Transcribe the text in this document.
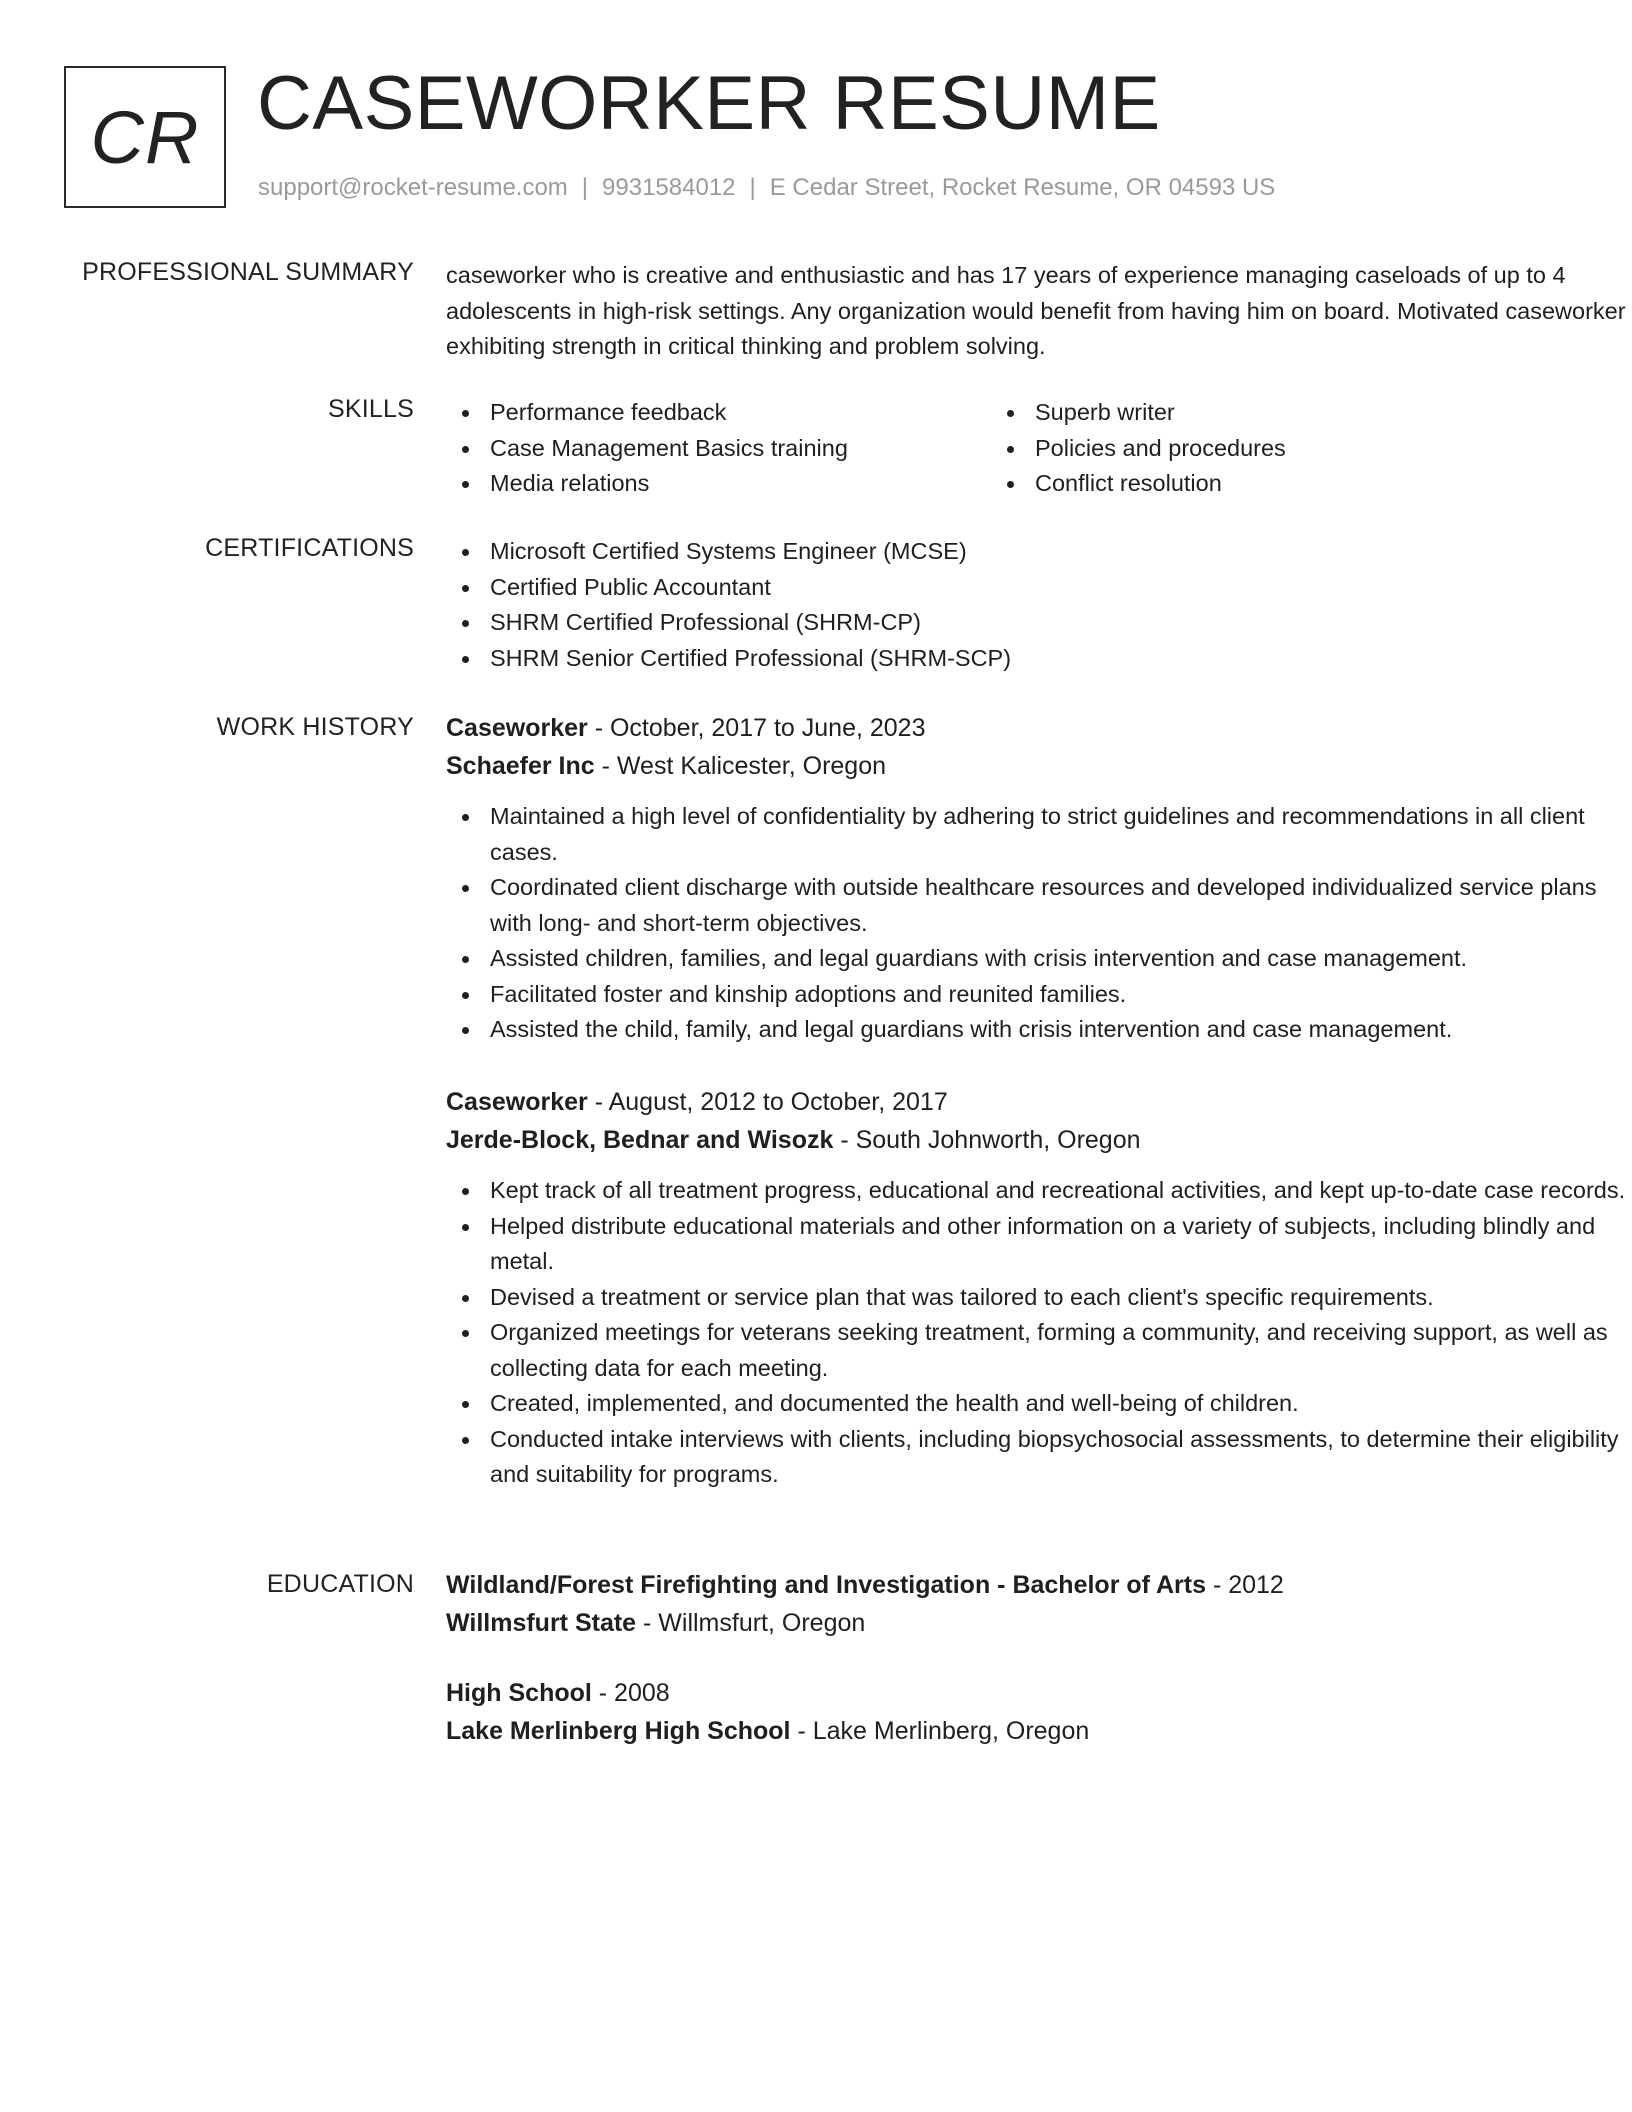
CR CASEWORKER RESUME
support@rocket-resume.com | 9931584012 | E Cedar Street, Rocket Resume, OR 04593 US
PROFESSIONAL SUMMARY caseworker who is creative and enthusiastic and has 17 years of experience managing caseloads of up to 4 adolescents in high-risk settings. Any organization would benefit from having him on board. Motivated caseworker exhibiting strength in critical thinking and problem solving.
SKILLS	Performance feedback
Case Management Basics training
Media relations
Superb writer
Policies and procedures
Conflict resolution
CERTIFICATIONS	Microsoft Certified Systems Engineer (MCSE)
Certified Public Accountant
SHRM Certified Professional (SHRM-CP)
SHRM Senior Certified Professional (SHRM-SCP)
WORK HISTORY Caseworker - October, 2017 to June, 2023
Schaefer Inc - West Kalicester, Oregon
Maintained a high level of confidentiality by adhering to strict guidelines and recommendations in all client cases.
Coordinated client discharge with outside healthcare resources and developed individualized service plans with long- and short-term objectives.
Assisted children, families, and legal guardians with crisis intervention and case management.
Facilitated foster and kinship adoptions and reunited families.
Assisted the child, family, and legal guardians with crisis intervention and case management.
Caseworker - August, 2012 to October, 2017
Jerde-Block, Bednar and Wisozk - South Johnworth, Oregon
Kept track of all treatment progress, educational and recreational activities, and kept up-to-date case records.
Helped distribute educational materials and other information on a variety of subjects, including blindly and metal.
Devised a treatment or service plan that was tailored to each client's specific requirements.
Organized meetings for veterans seeking treatment, forming a community, and receiving support, as well as collecting data for each meeting.
Created, implemented, and documented the health and well-being of children.
Conducted intake interviews with clients, including biopsychosocial assessments, to determine their eligibility and suitability for programs.
EDUCATION Wildland/Forest Firefighting and Investigation - Bachelor of Arts - 2012
Willmsfurt State - Willmsfurt, Oregon
High School - 2008
Lake Merlinberg High School - Lake Merlinberg, Oregon
